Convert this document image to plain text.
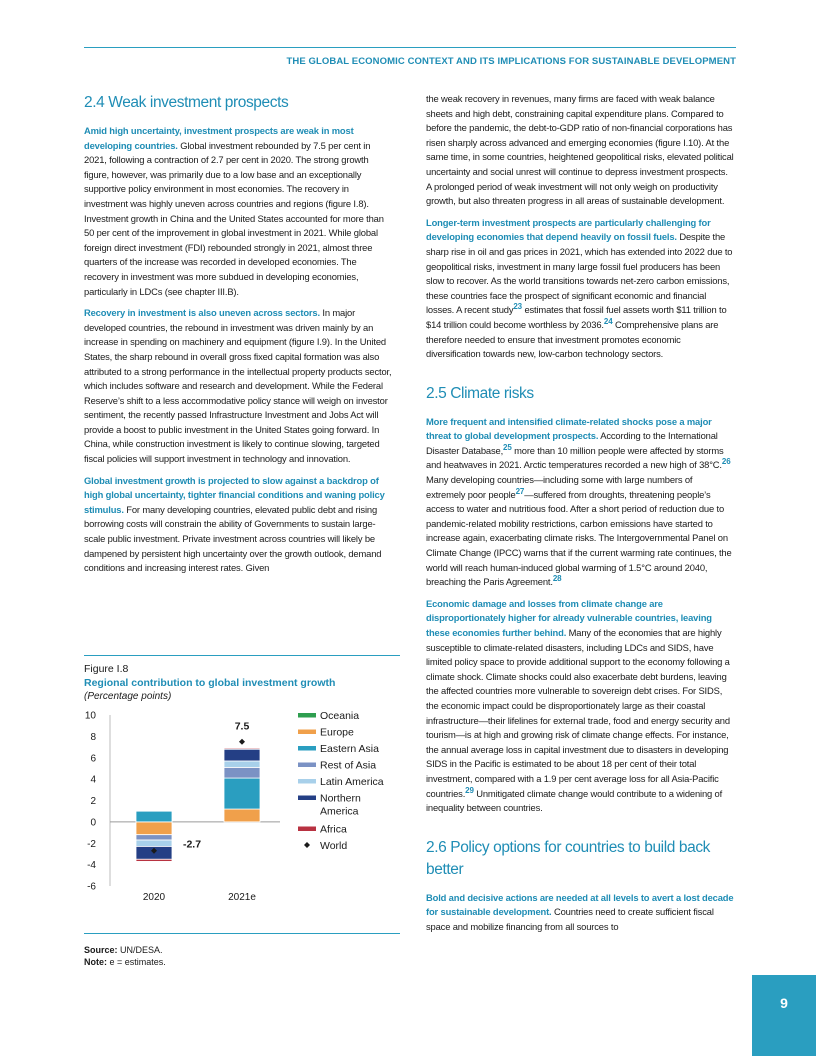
THE GLOBAL ECONOMIC CONTEXT AND ITS IMPLICATIONS FOR SUSTAINABLE DEVELOPMENT
2.4 Weak investment prospects

Amid high uncertainty, investment prospects are weak in most developing countries. Global investment rebounded by 7.5 per cent in 2021, following a contraction of 2.7 per cent in 2020. The strong growth figure, however, was primarily due to a low base and an exceptionally supportive policy environment in most economies. The recovery in investment was highly uneven across countries and regions (figure I.8). Investment growth in China and the United States accounted for more than 50 per cent of the improvement in global investment in 2021. While global foreign direct investment (FDI) rebounded strongly in 2021, almost three quarters of the increase was recorded in developed economies. The recovery in investment was more subdued in developing economies, particularly in LDCs (see chapter III.B).

Recovery in investment is also uneven across sectors. In major developed countries, the rebound in investment was driven mainly by an increase in spending on machinery and equipment (figure I.9). In the United States, the sharp rebound in overall gross fixed capital formation was also attributed to a strong performance in the intellectual property products sector, which includes software and research and development. While the Federal Reserve’s shift to a less accommodative policy stance will weigh on investor sentiment, the recently passed Infrastructure Investment and Jobs Act will provide a boost to public investment in the United States going forward. In China, while construction investment is likely to continue slowing, targeted fiscal policies will support investment in technology and innovation.

Global investment growth is projected to slow against a backdrop of high global uncertainty, tighter financial conditions and waning policy stimulus. For many developing countries, elevated public debt and rising borrowing costs will constrain the ability of Governments to sustain large-scale public investment. Private investment across countries will likely be dampened by persistent high uncertainty over the growth outlook, demand conditions and increasing interest rates. Given

Figure I.8
Regional contribution to global investment growth
(Percentage points)
10
8
6
4
2
0
-2
-4
-6
-2.7
2020
7.5
2021e
Oceania
Europe
Eastern Asia
Rest of Asia
Latin America
Northern
America
Africa
World
Source: UN/DESA.
Note: e = estimates.

the weak recovery in revenues, many firms are faced with weak balance sheets and high debt, constraining capital expenditure plans. Compared to before the pandemic, the debt-to-GDP ratio of non-financial corporations has risen sharply across advanced and emerging economies (figure I.10). At the same time, in some countries, heightened geopolitical risks, elevated political uncertainty and social unrest will continue to depress investment prospects. A prolonged period of weak investment will not only weigh on productivity growth, but also threaten progress in all areas of sustainable development.

Longer-term investment prospects are particularly challenging for developing economies that depend heavily on fossil fuels. Despite the sharp rise in oil and gas prices in 2021, which has extended into 2022 due to geopolitical risks, investment in many large fossil fuel producers has been slow to recover. As the world transitions towards net-zero carbon emissions, these countries face the prospect of significant economic and financial losses. A recent study23 estimates that fossil fuel assets worth $11 trillion to $14 trillion could become worthless by 2036.24 Comprehensive plans are therefore needed to ensure that investment promotes economic diversification towards new, low-carbon technology sectors.

2.5 Climate risks

More frequent and intensified climate-related shocks pose a major threat to global development prospects. According to the International Disaster Database,25 more than 10 million people were affected by storms and heatwaves in 2021. Arctic temperatures recorded a new high of 38°C.26 Many developing countries—including some with large numbers of extremely poor people27—suffered from droughts, threatening people’s access to water and nutritious food. After a short period of reduction due to pandemic-related mobility restrictions, carbon emissions have started to increase again, exacerbating climate risks. The Intergovernmental Panel on Climate Change (IPCC) warns that if the current warming rate continues, the world will reach human-induced global warming of 1.5°C around 2040, breaching the Paris Agreement.28

Economic damage and losses from climate change are disproportionately higher for already vulnerable countries, leaving these economies further behind. Many of the economies that are highly susceptible to climate-related disasters, including LDCs and SIDS, have limited policy space to provide additional support to the economy following a climate shock. Climate shocks could also exacerbate debt burdens, leaving the affected countries more vulnerable to sovereign debt crises. For SIDS, the economic impact could be disproportionately large as their coastal infrastructure—their lifelines for external trade, food and energy security and tourism—is at high and growing risk of climate change effects. For instance, the annual average loss in capital investment due to disasters in developing SIDS in the Pacific is estimated to be about 18 per cent of their total investment, compared with a 1.9 per cent average loss for all Asia-Pacific countries.29 Unmitigated climate change would contribute to a widening of inequality between countries.

2.6 Policy options for countries to build back better

Bold and decisive actions are needed at all levels to avert a lost decade for sustainable development. Countries need to create sufficient fiscal space and mobilize financing from all sources to

9
